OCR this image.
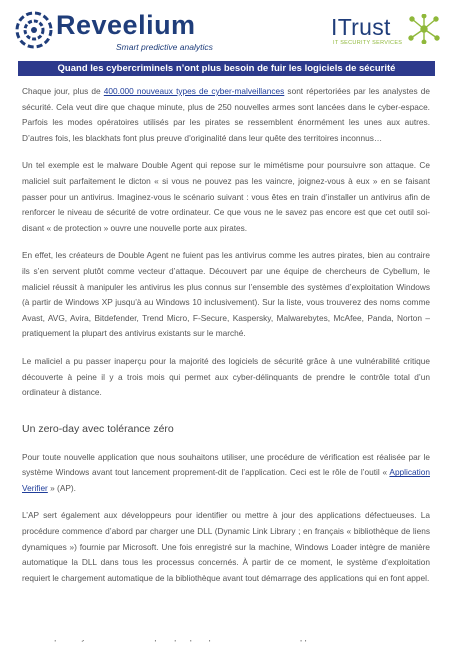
Reveelium
Smart predictive analytics
ITrust
IT SECURITY SERVICES
Quand les cybercriminels n’ont plus besoin de fuir les logiciels de sécurité

Chaque jour, plus de 400.000 nouveaux types de cyber-malveillances sont répertoriées par les analystes de sécurité. Cela veut dire que chaque minute, plus de 250 nouvelles armes sont lancées dans le cyber-espace. Parfois les modes opératoires utilisés par les pirates se ressemblent énormément les unes aux autres. D’autres fois, les blackhats font plus preuve d’originalité dans leur quête des territoires inconnus…

Un tel exemple est le malware Double Agent qui repose sur le mimétisme pour poursuivre son attaque. Ce maliciel suit parfaitement le dicton « si vous ne pouvez pas les vaincre, joignez-vous à eux » en se faisant passer pour un antivirus. Imaginez-vous le scénario suivant : vous êtes en train d’installer un antivirus afin de renforcer le niveau de sécurité de votre ordinateur. Ce que vous ne le savez pas encore est que cet outil soi-disant « de protection » ouvre une nouvelle porte aux pirates.

En effet, les créateurs de Double Agent ne fuient pas les antivirus comme les autres pirates, bien au contraire ils s’en servent plutôt comme vecteur d’attaque. Découvert par une équipe de chercheurs de Cybellum, le maliciel réussit à manipuler les antivirus les plus connus sur l’ensemble des systèmes d’exploitation Windows (à partir de Windows XP jusqu’à au Windows 10 inclusivement). Sur la liste, vous trouverez des noms comme Avast, AVG, Avira, Bitdefender, Trend Micro, F-Secure, Kaspersky, Malwarebytes, McAfee, Panda, Norton – pratiquement la plupart des antivirus existants sur le marché.

Le maliciel a pu passer inaperçu pour la majorité des logiciels de sécurité grâce à une vulnérabilité critique découverte à peine il y a trois mois qui permet aux cyber-délinquants de prendre le contrôle total d’un ordinateur à distance.

Un zero-day avec tolérance zéro

Pour toute nouvelle application que nous souhaitons utiliser, une procédure de vérification est réalisée par le système Windows avant tout lancement proprement-dit de l’application. Ceci est le rôle de l’outil « Application Verifier » (AP).

L’AP sert également aux développeurs pour identifier ou mettre à jour des applications défectueuses. La procédure commence d’abord par charger une DLL (Dynamic Link Library ; en français « bibliothèque de liens dynamiques ») fournie par Microsoft. Une fois enregistré sur la machine, Windows Loader intègre de manière automatique la DLL dans tous les processus concernés. À partir de ce moment, le système d’exploitation requiert le chargement automatique de la bibliothèque avant tout démarrage des applications qui en font appel.
